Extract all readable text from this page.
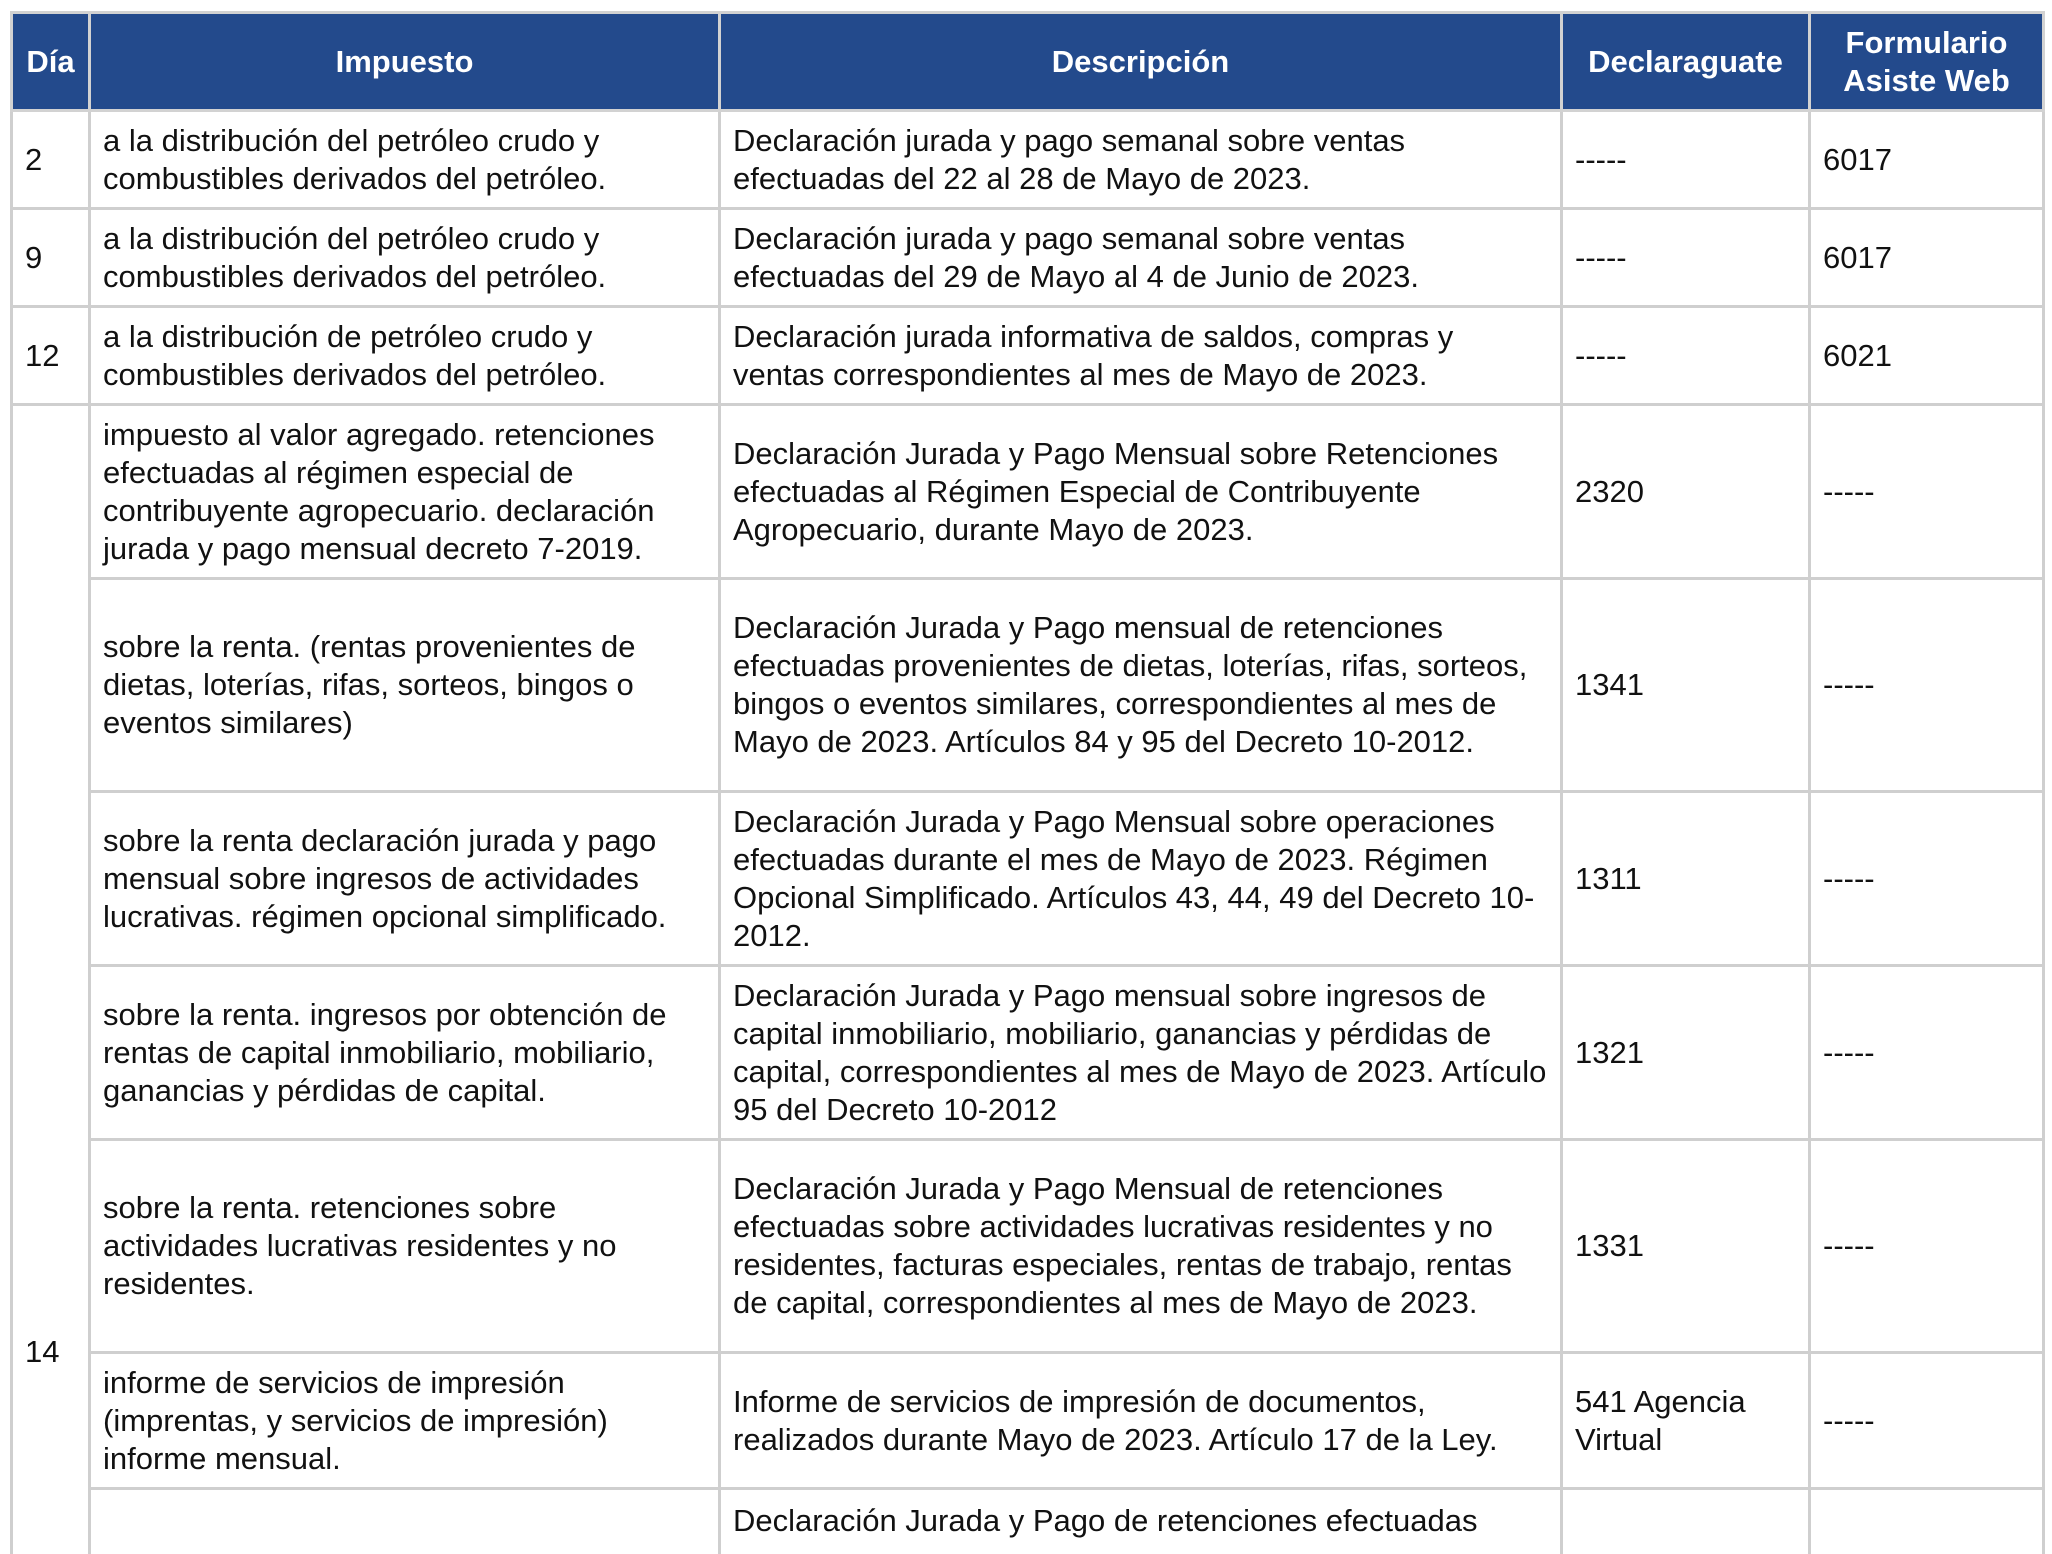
Día	Impuesto	Descripción	Declaraguate	Formulario Asiste Web
2	a la distribución del petróleo crudo y combustibles derivados del petróleo.	Declaración jurada y pago semanal sobre ventas efectuadas del 22 al 28 de Mayo de 2023.	-----	6017
9	a la distribución del petróleo crudo y combustibles derivados del petróleo.	Declaración jurada y pago semanal sobre ventas efectuadas del 29 de Mayo al 4 de Junio de 2023.	-----	6017
12	a la distribución de petróleo crudo y combustibles derivados del petróleo.	Declaración jurada informativa de saldos, compras y ventas correspondientes al mes de Mayo de 2023.	-----	6021
14	impuesto al valor agregado. retenciones efectuadas al régimen especial de contribuyente agropecuario. declaración jurada y pago mensual decreto 7-2019.	Declaración Jurada y Pago Mensual sobre Retenciones efectuadas al Régimen Especial de Contribuyente Agropecuario, durante Mayo de 2023.	2320	-----
	sobre la renta. (rentas provenientes de dietas, loterías, rifas, sorteos, bingos o eventos similares)	Declaración Jurada y Pago mensual de retenciones efectuadas provenientes de dietas, loterías, rifas, sorteos, bingos o eventos similares, correspondientes al mes de Mayo de 2023. Artículos 84 y 95 del Decreto 10-2012.	1341	-----
	sobre la renta declaración jurada y pago mensual sobre ingresos de actividades lucrativas. régimen opcional simplificado.	Declaración Jurada y Pago Mensual sobre operaciones efectuadas durante el mes de Mayo de 2023. Régimen Opcional Simplificado. Artículos 43, 44, 49 del Decreto 10-2012.	1311	-----
	sobre la renta. ingresos por obtención de rentas de capital inmobiliario, mobiliario, ganancias y pérdidas de capital.	Declaración Jurada y Pago mensual sobre ingresos de capital inmobiliario, mobiliario, ganancias y pérdidas de capital, correspondientes al mes de Mayo de 2023. Artículo 95 del Decreto 10-2012	1321	-----
	sobre la renta. retenciones sobre actividades lucrativas residentes y no residentes.	Declaración Jurada y Pago Mensual de retenciones efectuadas sobre actividades lucrativas residentes y no residentes, facturas especiales, rentas de trabajo, rentas de capital, correspondientes al mes de Mayo de 2023.	1331	-----
	informe de servicios de impresión (imprentas, y servicios de impresión) informe mensual.	Informe de servicios de impresión de documentos, realizados durante Mayo de 2023. Artículo 17 de la Ley.	541 Agencia Virtual	-----
		Declaración Jurada y Pago de retenciones efectuadas		
